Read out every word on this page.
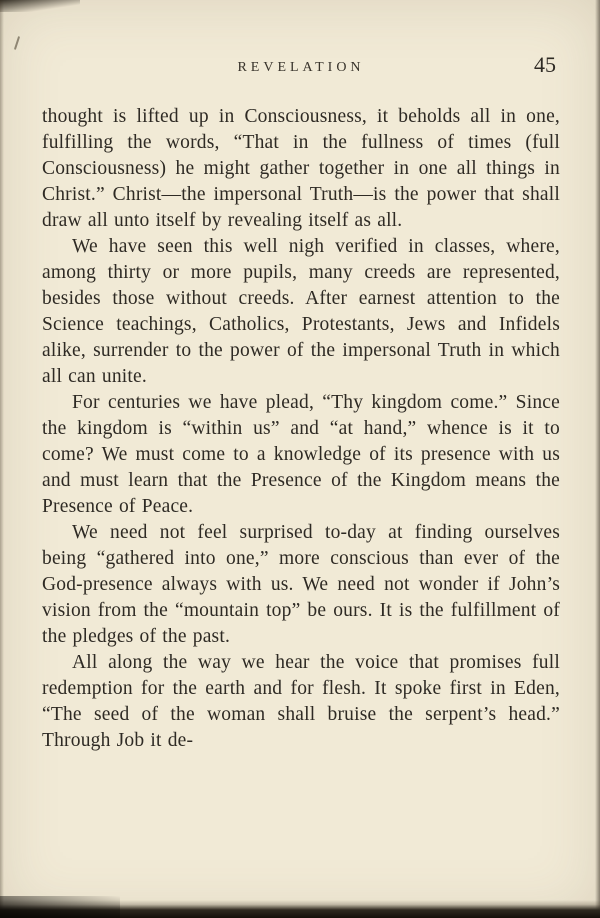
REVELATION	45

thought is lifted up in Consciousness, it beholds all in one, fulfilling the words, “That in the fullness of times (full Consciousness) he might gather together in one all things in Christ.” Christ—the impersonal Truth—is the power that shall draw all unto itself by revealing itself as all.

We have seen this well nigh verified in classes, where, among thirty or more pupils, many creeds are represented, besides those without creeds. After earnest attention to the Science teachings, Catholics, Protestants, Jews and Infidels alike, surrender to the power of the impersonal Truth in which all can unite.

For centuries we have plead, “Thy kingdom come.” Since the kingdom is “within us” and “at hand,” whence is it to come? We must come to a knowledge of its presence with us and must learn that the Presence of the Kingdom means the Presence of Peace.

We need not feel surprised to-day at finding ourselves being “gathered into one,” more conscious than ever of the God-presence always with us. We need not wonder if John’s vision from the “mountain top” be ours. It is the fulfillment of the pledges of the past.

All along the way we hear the voice that promises full redemption for the earth and for flesh. It spoke first in Eden, “The seed of the woman shall bruise the serpent’s head.” Through Job it de-
